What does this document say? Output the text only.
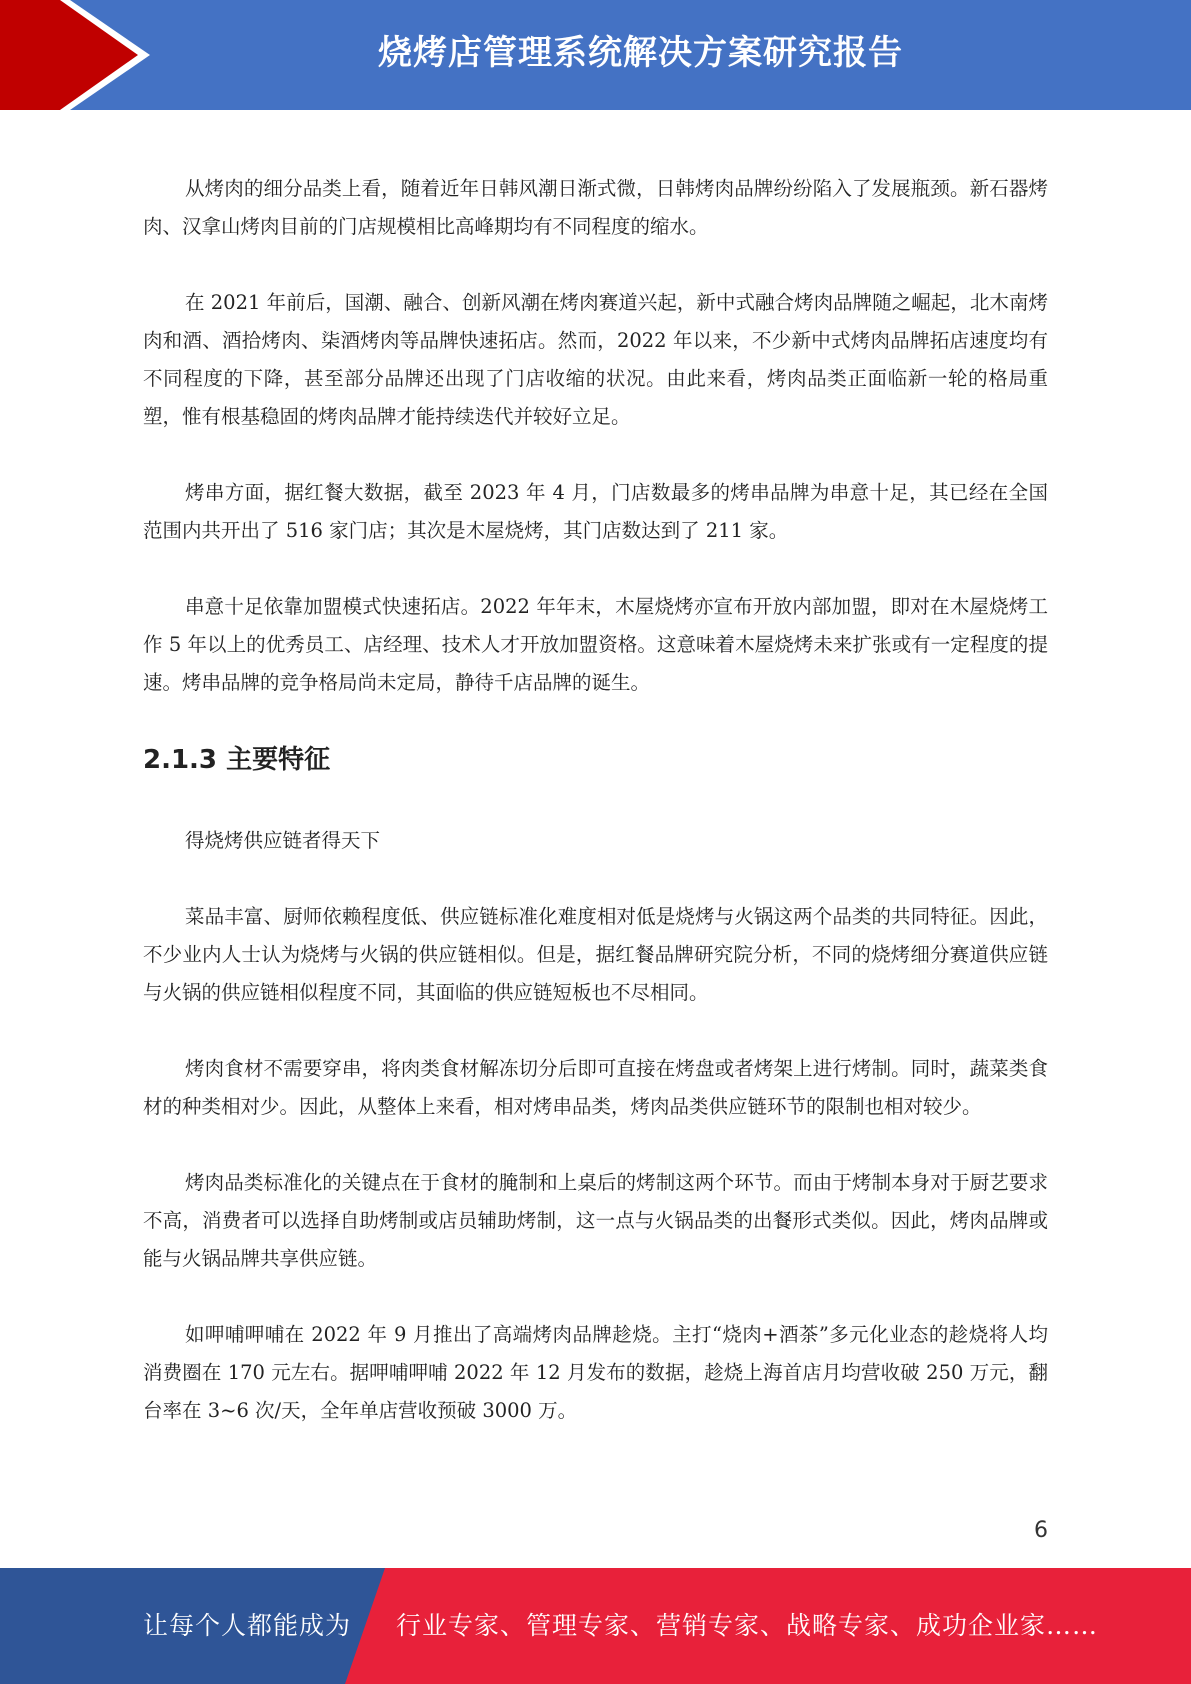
烧烤店管理系统解决方案研究报告

从烤肉的细分品类上看，随着近年日韩风潮日渐式微，日韩烤肉品牌纷纷陷入了发展瓶颈。新石器烤肉、汉拿山烤肉目前的门店规模相比高峰期均有不同程度的缩水。

在 2021 年前后，国潮、融合、创新风潮在烤肉赛道兴起，新中式融合烤肉品牌随之崛起，北木南烤肉和酒、酒拾烤肉、柒酒烤肉等品牌快速拓店。然而，2022 年以来，不少新中式烤肉品牌拓店速度均有不同程度的下降，甚至部分品牌还出现了门店收缩的状况。由此来看，烤肉品类正面临新一轮的格局重塑，惟有根基稳固的烤肉品牌才能持续迭代并较好立足。

烤串方面，据红餐大数据，截至 2023 年 4 月，门店数最多的烤串品牌为串意十足，其已经在全国范围内共开出了 516 家门店；其次是木屋烧烤，其门店数达到了 211 家。

串意十足依靠加盟模式快速拓店。2022 年年末，木屋烧烤亦宣布开放内部加盟，即对在木屋烧烤工作 5 年以上的优秀员工、店经理、技术人才开放加盟资格。这意味着木屋烧烤未来扩张或有一定程度的提速。烤串品牌的竞争格局尚未定局，静待千店品牌的诞生。

2.1.3 主要特征

得烧烤供应链者得天下

菜品丰富、厨师依赖程度低、供应链标准化难度相对低是烧烤与火锅这两个品类的共同特征。因此，不少业内人士认为烧烤与火锅的供应链相似。但是，据红餐品牌研究院分析，不同的烧烤细分赛道供应链与火锅的供应链相似程度不同，其面临的供应链短板也不尽相同。

烤肉食材不需要穿串，将肉类食材解冻切分后即可直接在烤盘或者烤架上进行烤制。同时，蔬菜类食材的种类相对少。因此，从整体上来看，相对烤串品类，烤肉品类供应链环节的限制也相对较少。

烤肉品类标准化的关键点在于食材的腌制和上桌后的烤制这两个环节。而由于烤制本身对于厨艺要求不高，消费者可以选择自助烤制或店员辅助烤制，这一点与火锅品类的出餐形式类似。因此，烤肉品牌或能与火锅品牌共享供应链。

如呷哺呷哺在 2022 年 9 月推出了高端烤肉品牌趁烧。主打“烧肉+酒茶”多元化业态的趁烧将人均消费圈在 170 元左右。据呷哺呷哺 2022 年 12 月发布的数据，趁烧上海首店月均营收破 250 万元，翻台率在 3~6 次/天，全年单店营收预破 3000 万。

6
让每个人都能成为 行业专家、管理专家、营销专家、战略专家、成功企业家……
